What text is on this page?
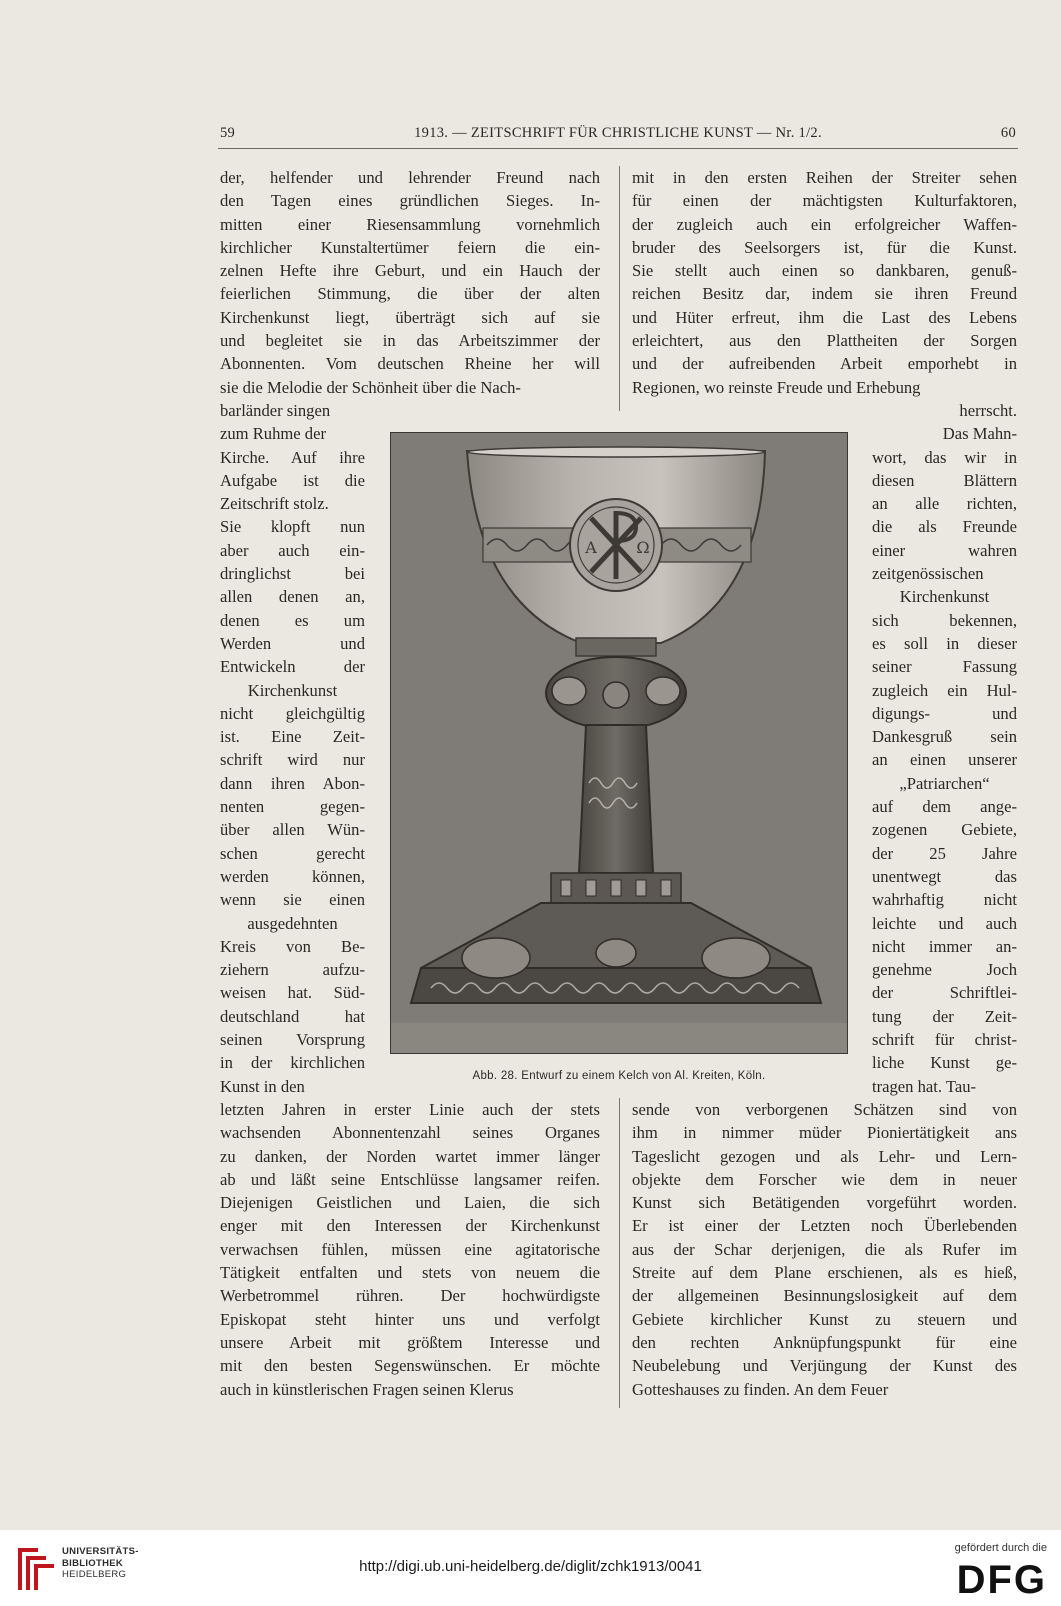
59	1913. — ZEITSCHRIFT FÜR CHRISTLICHE KUNST — Nr. 1/2.	60
der, helfender und lehrender Freund nach
den Tagen eines gründlichen Sieges. In-
mitten einer Riesensammlung vornehmlich
kirchlicher Kunstaltertümer feiern die ein-
zelnen Hefte ihre Geburt, und ein Hauch der
feierlichen Stimmung, die über der alten
Kirchenkunst liegt, überträgt sich auf sie
und begleitet sie in das Arbeitszimmer der
Abonnenten. Vom deutschen Rheine her will
sie die Melodie der Schönheit über die Nach-
barländer singen
zum Ruhme der
Kirche. Auf ihre
Aufgabe ist die
Zeitschrift stolz.
Sie klopft nun
aber auch ein-
dringlichst bei
allen denen an,
denen es um
Werden und
Entwickeln der
Kirchenkunst
nicht gleichgültig
ist. Eine Zeit-
schrift wird nur
dann ihren Abon-
nenten gegen-
über allen Wün-
schen gerecht
werden können,
wenn sie einen
ausgedehnten
Kreis von Be-
ziehern aufzu-
weisen hat. Süd-
deutschland hat
seinen Vorsprung
in der kirchlichen
Kunst in den
letzten Jahren in erster Linie auch der stets
wachsenden Abonnentenzahl seines Organes
zu danken, der Norden wartet immer länger
ab und läßt seine Entschlüsse langsamer reifen.
Diejenigen Geistlichen und Laien, die sich
enger mit den Interessen der Kirchenkunst
verwachsen fühlen, müssen eine agitatorische
Tätigkeit entfalten und stets von neuem die
Werbetrommel rühren. Der hochwürdigste
Episkopat steht hinter uns und verfolgt
unsere Arbeit mit größtem Interesse und
mit den besten Segenswünschen. Er möchte
auch in künstlerischen Fragen seinen Klerus
mit in den ersten Reihen der Streiter sehen
für einen der mächtigsten Kulturfaktoren,
der zugleich auch ein erfolgreicher Waffen-
bruder des Seelsorgers ist, für die Kunst.
Sie stellt auch einen so dankbaren, genuß-
reichen Besitz dar, indem sie ihren Freund
und Hüter erfreut, ihm die Last des Lebens
erleichtert, aus den Plattheiten der Sorgen
und der aufreibenden Arbeit emporhebt in
Regionen, wo reinste Freude und Erhebung
herrscht.
Das Mahn-
wort, das wir in
diesen Blättern
an alle richten,
die als Freunde
einer wahren
zeitgenössischen
Kirchenkunst
sich bekennen,
es soll in dieser
seiner Fassung
zugleich ein Hul-
digungs- und
Dankesgruß sein
an einen unserer
„Patriarchen“
auf dem ange-
zogenen Gebiete,
der 25 Jahre
unentwegt das
wahrhaftig nicht
leichte und auch
nicht immer an-
genehme Joch
der Schriftlei-
tung der Zeit-
schrift für christ-
liche Kunst ge-
tragen hat. Tau-
sende von verborgenen Schätzen sind von
ihm in nimmer müder Pioniertätigkeit ans
Tageslicht gezogen und als Lehr- und Lern-
objekte dem Forscher wie dem in neuer
Kunst sich Betätigenden vorgeführt worden.
Er ist einer der Letzten noch Überlebenden
aus der Schar derjenigen, die als Rufer im
Streite auf dem Plane erschienen, als es hieß,
der allgemeinen Besinnungslosigkeit auf dem
Gebiete kirchlicher Kunst zu steuern und
den rechten Anknüpfungspunkt für eine
Neubelebung und Verjüngung der Kunst des
Gotteshauses zu finden. An dem Feuer
Α Ω
Abb. 28. Entwurf zu einem Kelch von Al. Kreiten, Köln.
UNIVERSITÄTS-
BIBLIOTHEK
HEIDELBERG	http://digi.ub.uni-heidelberg.de/diglit/zchk1913/0041
gefördert durch die
DFG
